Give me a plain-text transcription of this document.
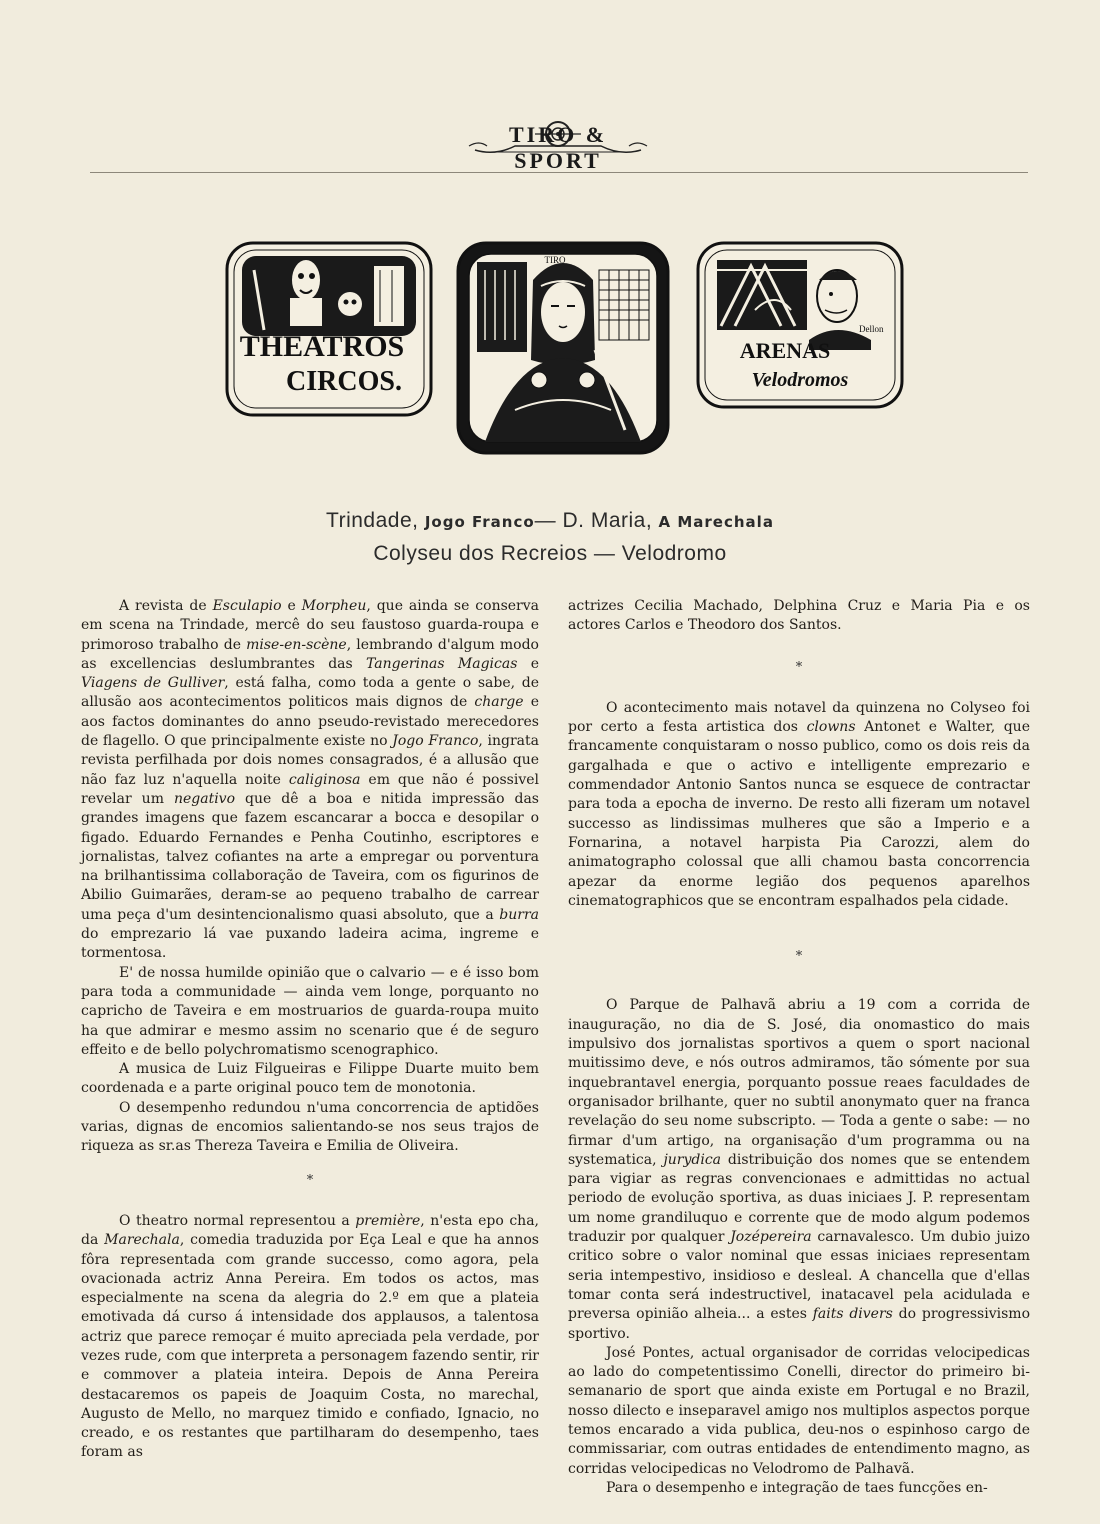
TIRO & SPORT
THEATROS
CIRCOS.
TIRO
Dellon
ARENAS
Velodromos
Trindade, Jogo Franco— D. Maria, A Marechala
Colyseu dos Recreios — Velodromo

A revista de Esculapio e Morpheu, que ainda se conserva em scena na Trindade, mercê do seu faustoso guarda-roupa e primoroso trabalho de mise-en-scène, lembrando d'algum modo as excellencias deslumbrantes das Tangerinas Magicas e Viagens de Gulliver, está falha, como toda a gente o sabe, de allusão aos acontecimentos politicos mais dignos de charge e aos factos dominantes do anno pseudo-revistado merecedores de flagello. O que principalmente existe no Jogo Franco, ingrata revista perfilhada por dois nomes consagrados, é a allusão que não faz luz n'aquella noite caliginosa em que não é possivel revelar um negativo que dê a boa e nitida impressão das grandes imagens que fazem escancarar a bocca e desopilar o figado. Eduardo Fernandes e Penha Coutinho, escriptores e jornalistas, talvez cofiantes na arte a empregar ou porventura na brilhantissima collaboração de Taveira, com os figurinos de Abilio Guimarães, deram-se ao pequeno trabalho de carrear uma peça d'um desintencionalismo quasi absoluto, que a burra do emprezario lá vae puxando ladeira acima, ingreme e tormentosa.

E' de nossa humilde opinião que o calvario — e é isso bom para toda a communidade — ainda vem longe, porquanto no capricho de Taveira e em mostruarios de guarda-roupa muito ha que admirar e mesmo assim no scenario que é de seguro effeito e de bello polychromatismo scenographico.

A musica de Luiz Filgueiras e Filippe Duarte muito bem coordenada e a parte original pouco tem de monotonia.

O desempenho redundou n'uma concorrencia de aptidões varias, dignas de encomios salientando-se nos seus trajos de riqueza as sr.as Thereza Taveira e Emilia de Oliveira.

*

O theatro normal representou a première, n'esta epo cha, da Marechala, comedia traduzida por Eça Leal e que ha annos fôra representada com grande successo, como agora, pela ovacionada actriz Anna Pereira. Em todos os actos, mas especialmente na scena da alegria do 2.º em que a plateia emotivada dá curso á intensidade dos applausos, a talentosa actriz que parece remoçar é muito apreciada pela verdade, por vezes rude, com que interpreta a personagem fazendo sentir, rir e commover a plateia inteira. Depois de Anna Pereira destacaremos os papeis de Joaquim Costa, no marechal, Augusto de Mello, no marquez timido e confiado, Ignacio, no creado, e os restantes que partilharam do desempenho, taes foram as

actrizes Cecilia Machado, Delphina Cruz e Maria Pia e os actores Carlos e Theodoro dos Santos.

*

O acontecimento mais notavel da quinzena no Colyseo foi por certo a festa artistica dos clowns Antonet e Walter, que francamente conquistaram o nosso publico, como os dois reis da gargalhada e que o activo e intelligente emprezario e commendador Antonio Santos nunca se esquece de contractar para toda a epocha de inverno. De resto alli fizeram um notavel successo as lindissimas mulheres que são a Imperio e a Fornarina, a notavel harpista Pia Carozzi, alem do animatographo colossal que alli chamou basta concorrencia apezar da enorme legião dos pequenos aparelhos cinematographicos que se encontram espalhados pela cidade.

*

O Parque de Palhavã abriu a 19 com a corrida de inauguração, no dia de S. José, dia onomastico do mais impulsivo dos jornalistas sportivos a quem o sport nacional muitissimo deve, e nós outros admiramos, tão sómente por sua inquebrantavel energia, porquanto possue reaes faculdades de organisador brilhante, quer no subtil anonymato quer na franca revelação do seu nome subscripto. — Toda a gente o sabe: — no firmar d'um artigo, na organisação d'um programma ou na systematica, jurydica distribuição dos nomes que se entendem para vigiar as regras convencionaes e admittidas no actual periodo de evolução sportiva, as duas iniciaes J. P. representam um nome grandiluquo e corrente que de modo algum podemos traduzir por qualquer Jozépereira carnavalesco. Um dubio juizo critico sobre o valor nominal que essas iniciaes representam seria intempestivo, insidioso e desleal. A chancella que d'ellas tomar conta será indestructivel, inatacavel pela acidulada e preversa opinião alheia... a estes faits divers do progressivismo sportivo.

José Pontes, actual organisador de corridas velocipedicas ao lado do competentissimo Conelli, director do primeiro bi-semanario de sport que ainda existe em Portugal e no Brazil, nosso dilecto e inseparavel amigo nos multiplos aspectos porque temos encarado a vida publica, deu-nos o espinhoso cargo de commissariar, com outras entidades de entendimento magno, as corridas velocipedicas no Velodromo de Palhavã.

Para o desempenho e integração de taes funcções en-
